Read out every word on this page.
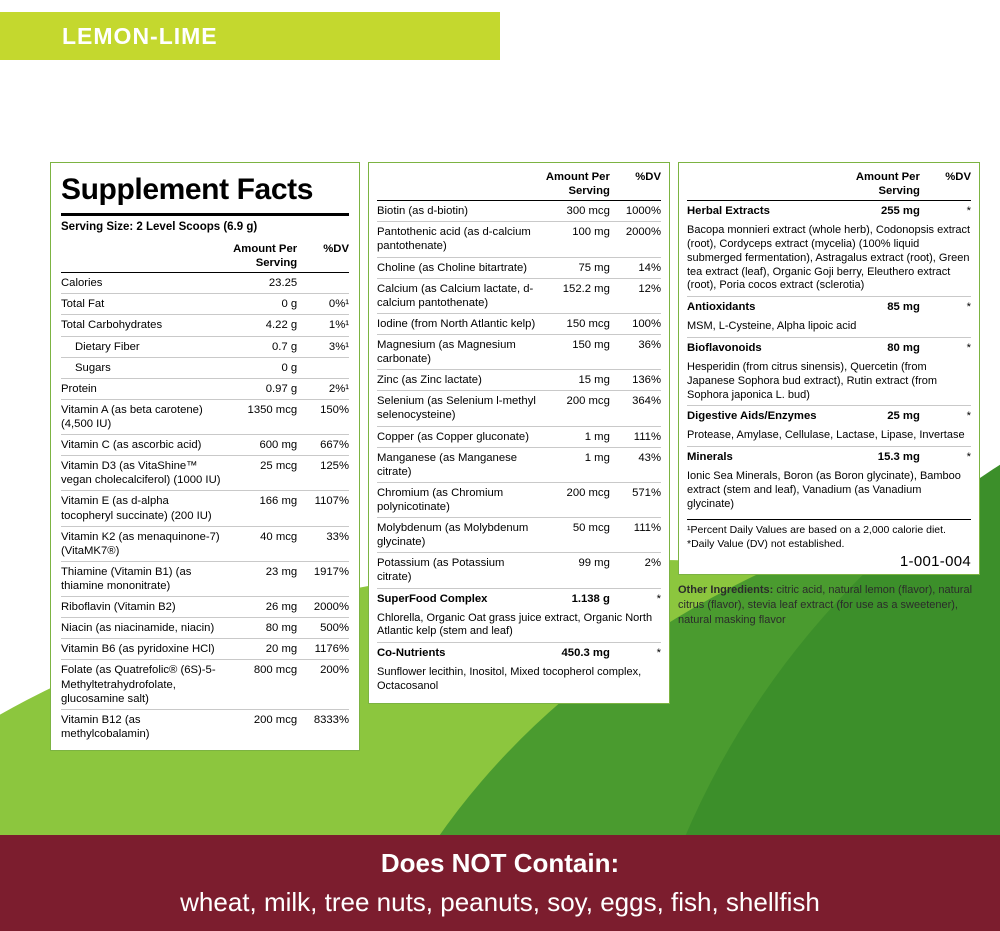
LEMON-LIME
Supplement Facts
Serving Size: 2 Level Scoops (6.9 g)
	Amount Per Serving	%DV
Calories	23.25	
Total Fat	0 g	0%¹
Total Carbohydrates	4.22 g	1%¹
Dietary Fiber	0.7 g	3%¹
Sugars	0 g	
Protein	0.97 g	2%¹
Vitamin A (as beta carotene) (4,500 IU)	1350 mcg	150%
Vitamin C (as ascorbic acid)	600 mg	667%
Vitamin D3 (as VitaShine™ vegan cholecalciferol) (1000 IU)	25 mcg	125%
Vitamin E (as d-alpha tocopheryl succinate) (200 IU)	166 mg	1107%
Vitamin K2 (as menaquinone-7) (VitaMK7®)	40 mcg	33%
Thiamine (Vitamin B1) (as thiamine mononitrate)	23 mg	1917%
Riboflavin (Vitamin B2)	26 mg	2000%
Niacin (as niacinamide, niacin)	80 mg	500%
Vitamin B6 (as pyridoxine HCl)	20 mg	1176%
Folate (as Quatrefolic® (6S)-5-Methyltetrahydrofolate, glucosamine salt)	800 mcg	200%
Vitamin B12 (as methylcobalamin)	200 mcg	8333%
	Amount Per Serving	%DV
Biotin (as d-biotin)	300 mcg	1000%
Pantothenic acid (as d-calcium pantothenate)	100 mg	2000%
Choline (as Choline bitartrate)	75 mg	14%
Calcium (as Calcium lactate, d-calcium pantothenate)	152.2 mg	12%
Iodine (from North Atlantic kelp)	150 mcg	100%
Magnesium (as Magnesium carbonate)	150 mg	36%
Zinc (as Zinc lactate)	15 mg	136%
Selenium (as Selenium l-methyl selenocysteine)	200 mcg	364%
Copper (as Copper gluconate)	1 mg	111%
Manganese (as Manganese citrate)	1 mg	43%
Chromium (as Chromium polynicotinate)	200 mcg	571%
Molybdenum (as Molybdenum glycinate)	50 mcg	111%
Potassium (as Potassium citrate)	99 mg	2%
SuperFood Complex	1.138 g	*
Chlorella, Organic Oat grass juice extract, Organic North Atlantic kelp (stem and leaf)		
Co-Nutrients	450.3 mg	*
Sunflower lecithin, Inositol, Mixed tocopherol complex, Octacosanol		
	Amount Per Serving	%DV
Herbal Extracts	255 mg	*
Bacopa monnieri extract (whole herb), Codonopsis extract (root), Cordyceps extract (mycelia) (100% liquid submerged fermentation), Astragalus extract (root), Green tea extract (leaf), Organic Goji berry, Eleuthero extract (root), Poria cocos extract (sclerotia)		
Antioxidants	85 mg	*
MSM, L-Cysteine, Alpha lipoic acid		
Bioflavonoids	80 mg	*
Hesperidin (from citrus sinensis), Quercetin (from Japanese Sophora bud extract), Rutin extract (from Sophora japonica L. bud)		
Digestive Aids/Enzymes	25 mg	*
Protease, Amylase, Cellulase, Lactase, Lipase, Invertase		
Minerals	15.3 mg	*
Ionic Sea Minerals, Boron (as Boron glycinate), Bamboo extract (stem and leaf), Vanadium (as Vanadium glycinate)		
¹Percent Daily Values are based on a 2,000 calorie diet.
*Daily Value (DV) not established.
1-001-004
Other Ingredients: citric acid, natural lemon (flavor), natural citrus (flavor), stevia leaf extract (for use as a sweetener), natural masking flavor
Does NOT Contain:
wheat, milk, tree nuts, peanuts, soy, eggs, fish, shellfish
